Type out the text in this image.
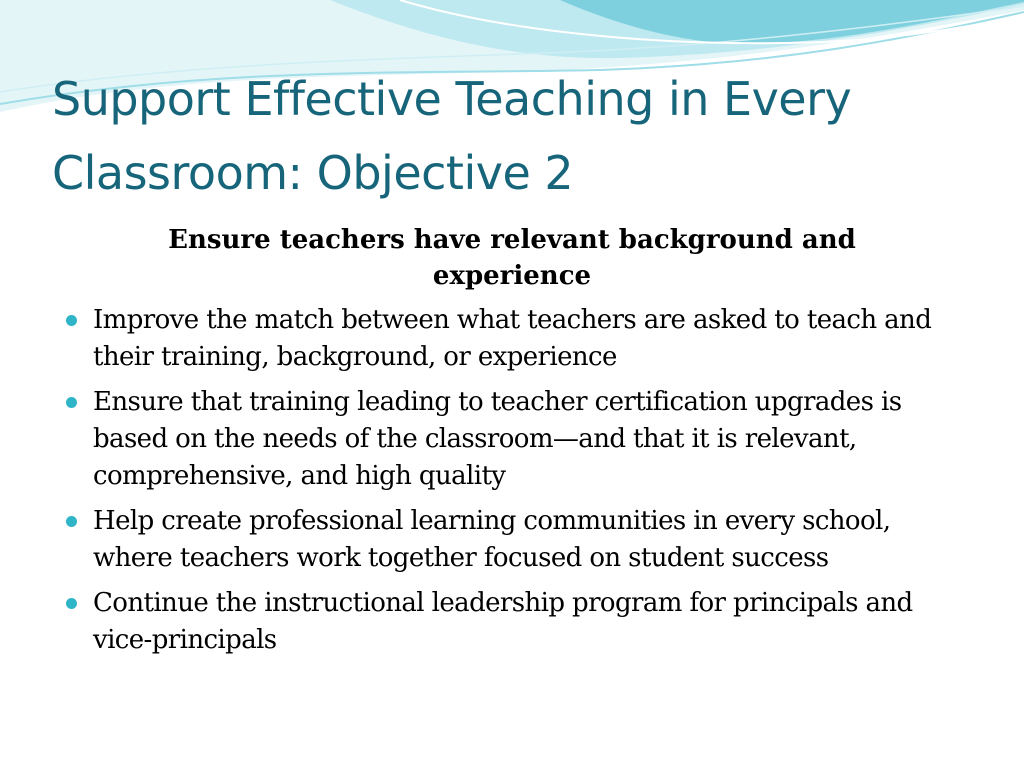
Support Effective Teaching in Every Classroom: Objective 2
Ensure teachers have relevant background and experience
Improve the match between what teachers are asked to teach and their training, background, or experience
Ensure that training leading to teacher certification upgrades is based on the needs of the classroom—and that it is relevant, comprehensive, and high quality
Help create professional learning communities in every school, where teachers work together focused on student success
Continue the instructional leadership program for principals and vice-principals
